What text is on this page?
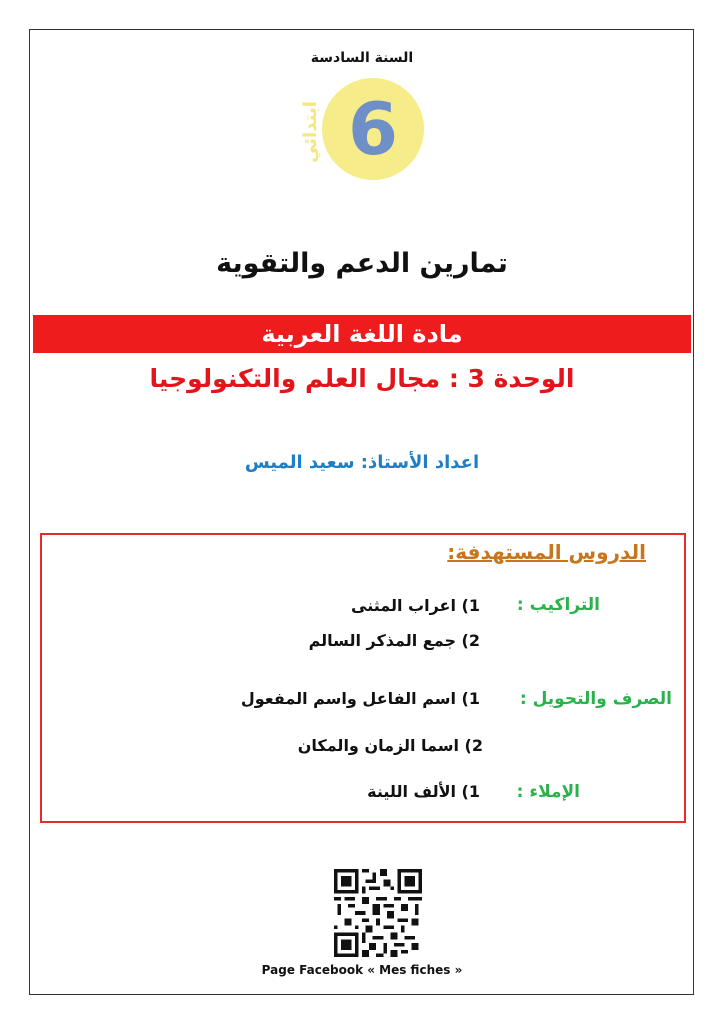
السنة السادسة
6
ابتدائي
تمارين الدعم والتقوية
مادة اللغة العربية
الوحدة 3 : مجال العلم والتكنولوجيا
اعداد الأستاذ: سعيد الميس
الدروس المستهدفة:
التراكيب :
1) اعراب المثنى
2) جمع المذكر السالم
الصرف والتحويل :
1) اسم الفاعل واسم المفعول
2) اسما الزمان والمكان
الإملاء :
1) الألف اللينة
Page Facebook « Mes fiches »
